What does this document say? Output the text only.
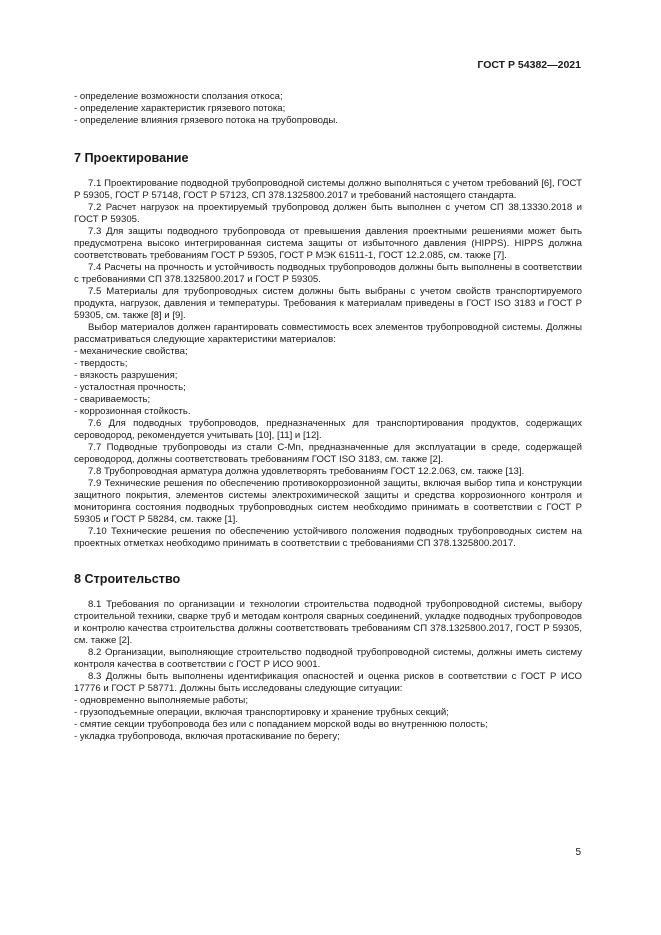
ГОСТ Р 54382—2021
- определение возможности сползания откоса;
- определение характеристик грязевого потока;
- определение влияния грязевого потока на трубопроводы.
7 Проектирование
7.1 Проектирование подводной трубопроводной системы должно выполняться с учетом требований [6], ГОСТ Р 59305, ГОСТ Р 57148, ГОСТ Р 57123, СП 378.1325800.2017 и требований настоящего стандарта.
7.2 Расчет нагрузок на проектируемый трубопровод должен быть выполнен с учетом СП 38.13330.2018 и ГОСТ Р 59305.
7.3 Для защиты подводного трубопровода от превышения давления проектными решениями может быть предусмотрена высоко интегрированная система защиты от избыточного давления (HIPPS). HIPPS должна соответствовать требованиям ГОСТ Р 59305, ГОСТ Р МЭК 61511-1, ГОСТ 12.2.085, см. также [7].
7.4 Расчеты на прочность и устойчивость подводных трубопроводов должны быть выполнены в соответствии с требованиями СП 378.1325800.2017 и ГОСТ Р 59305.
7.5 Материалы для трубопроводных систем должны быть выбраны с учетом свойств транспортируемого продукта, нагрузок, давления и температуры. Требования к материалам приведены в ГОСТ ISO 3183 и ГОСТ Р 59305, см. также [8] и [9].
Выбор материалов должен гарантировать совместимость всех элементов трубопроводной системы. Должны рассматриваться следующие характеристики материалов:
- механические свойства;
- твердость;
- вязкость разрушения;
- усталостная прочность;
- свариваемость;
- коррозионная стойкость.
7.6 Для подводных трубопроводов, предназначенных для транспортирования продуктов, содержащих сероводород, рекомендуется учитывать [10], [11] и [12].
7.7 Подводные трубопроводы из стали C-Mn, предназначенные для эксплуатации в среде, содержащей сероводород, должны соответствовать требованиям ГОСТ ISO 3183, см. также [2].
7.8 Трубопроводная арматура должна удовлетворять требованиям ГОСТ 12.2.063, см. также [13].
7.9 Технические решения по обеспечению противокоррозионной защиты, включая выбор типа и конструкции защитного покрытия, элементов системы электрохимической защиты и средства коррозионного контроля и мониторинга состояния подводных трубопроводных систем необходимо принимать в соответствии с ГОСТ Р 59305 и ГОСТ Р 58284, см. также [1].
7.10 Технические решения по обеспечению устойчивого положения подводных трубопроводных систем на проектных отметках необходимо принимать в соответствии с требованиями СП 378.1325800.2017.
8 Строительство
8.1 Требования по организации и технологии строительства подводной трубопроводной системы, выбору строительной техники, сварке труб и методам контроля сварных соединений, укладке подводных трубопроводов и контролю качества строительства должны соответствовать требованиям СП 378.1325800.2017, ГОСТ Р 59305, см. также [2].
8.2 Организации, выполняющие строительство подводной трубопроводной системы, должны иметь систему контроля качества в соответствии с ГОСТ Р ИСО 9001.
8.3 Должны быть выполнены идентификация опасностей и оценка рисков в соответствии с ГОСТ Р ИСО 17776 и ГОСТ Р 58771. Должны быть исследованы следующие ситуации:
- одновременно выполняемые работы;
- грузоподъемные операции, включая транспортировку и хранение трубных секций;
- смятие секции трубопровода без или с попаданием морской воды во внутреннюю полость;
- укладка трубопровода, включая протаскивание по берегу;
5
